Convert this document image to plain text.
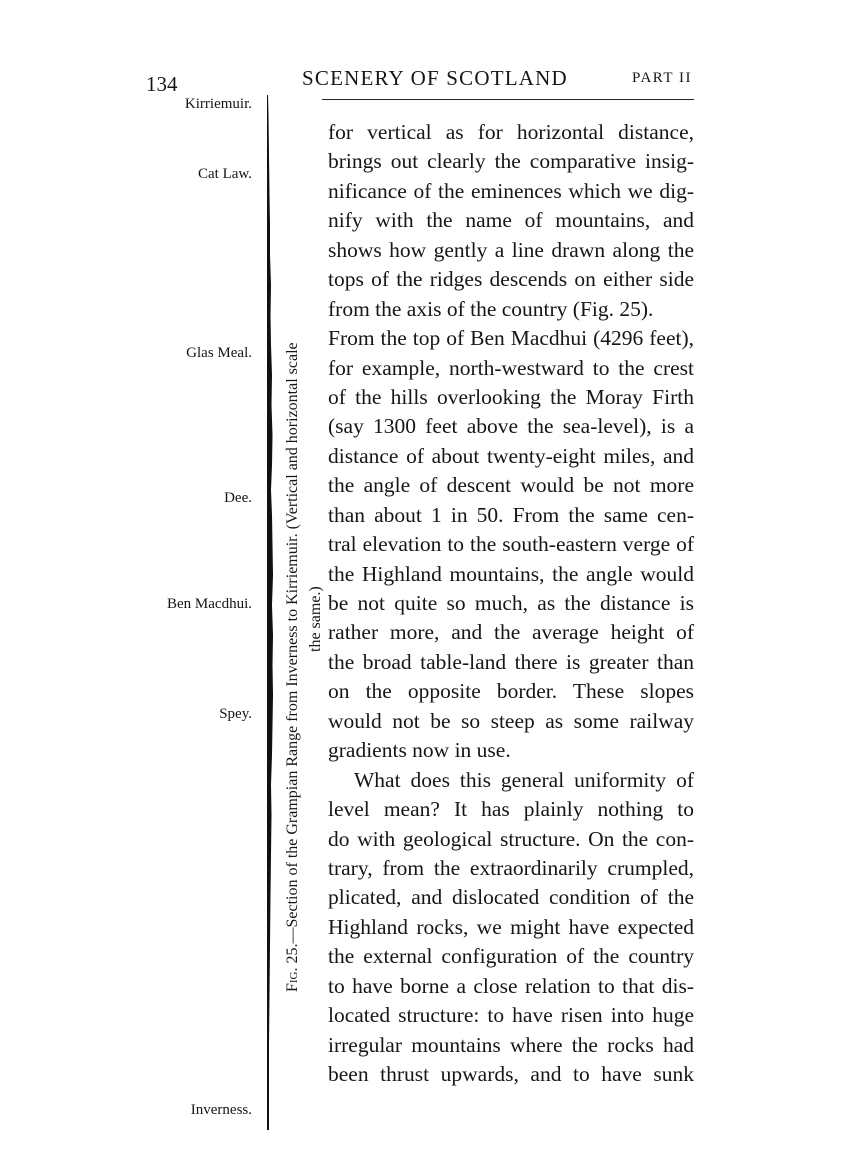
134	SCENERY OF SCOTLAND	PART II
Kirriemuir.
Cat Law.
Glas Meal.
Dee.
Ben Macdhui.
Spey.
Inverness.
Fig. 25.—Section of the Grampian Range from Inverness to Kirriemuir. (Vertical and horizontal scale the same.)
for vertical as for horizontal distance,
brings out clearly the comparative insig-
nificance of the eminences which we dig-
nify with the name of mountains, and
shows how gently a line drawn along the
tops of the ridges descends on either side
from the axis of the country (Fig. 25).
From the top of Ben Macdhui (4296 feet),
for example, north-westward to the crest
of the hills overlooking the Moray Firth
(say 1300 feet above the sea-level), is a
distance of about twenty-eight miles, and
the angle of descent would be not more
than about 1 in 50. From the same cen-
tral elevation to the south-eastern verge of
the Highland mountains, the angle would
be not quite so much, as the distance is
rather more, and the average height of
the broad table-land there is greater than
on the opposite border. These slopes
would not be so steep as some railway
gradients now in use.
What does this general uniformity of
level mean? It has plainly nothing to
do with geological structure. On the con-
trary, from the extraordinarily crumpled,
plicated, and dislocated condition of the
Highland rocks, we might have expected
the external configuration of the country
to have borne a close relation to that dis-
located structure: to have risen into huge
irregular mountains where the rocks had
been thrust upwards, and to have sunk
